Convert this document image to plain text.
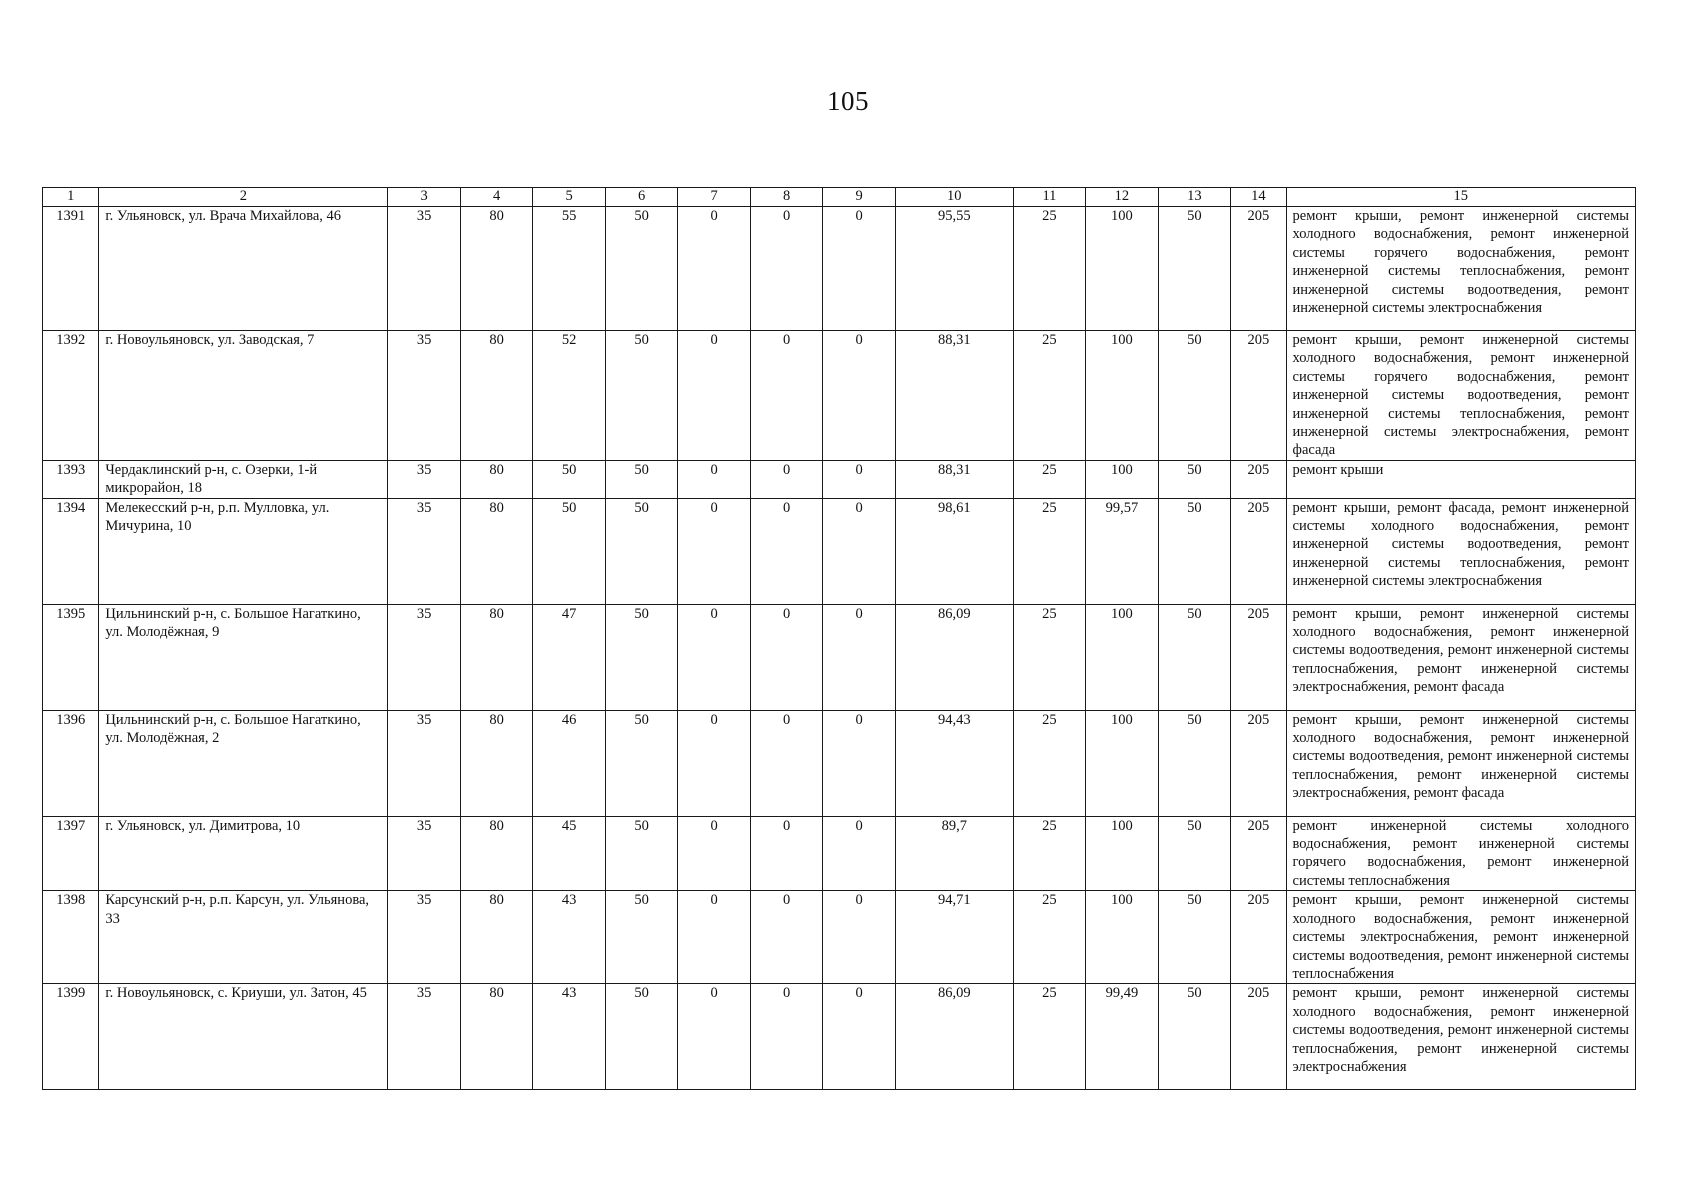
105
1	2	3	4	5	6	7	8	9	10	11	12	13	14	15
1391	г. Ульяновск, ул. Врача Михайлова, 46	35	80	55	50	0	0	0	95,55	25	100	50	205	ремонт крыши, ремонт инженерной системы холодного водоснабжения, ремонт инженерной системы горячего водоснабжения, ремонт инженерной системы теплоснабжения, ремонт инженерной системы водоотведения, ремонт инженерной системы электроснабжения
1392	г. Новоульяновск, ул. Заводская, 7	35	80	52	50	0	0	0	88,31	25	100	50	205	ремонт крыши, ремонт инженерной системы холодного водоснабжения, ремонт инженерной системы горячего водоснабжения, ремонт инженерной системы водоотведения, ремонт инженерной системы теплоснабжения, ремонт инженерной системы электроснабжения, ремонт фасада
1393	Чердаклинский р-н, с. Озерки, 1-й микрорайон, 18	35	80	50	50	0	0	0	88,31	25	100	50	205	ремонт крыши
1394	Мелекесский р-н, р.п. Мулловка, ул. Мичурина, 10	35	80	50	50	0	0	0	98,61	25	99,57	50	205	ремонт крыши, ремонт фасада, ремонт инженерной системы холодного водоснабжения, ремонт инженерной системы водоотведения, ремонт инженерной системы теплоснабжения, ремонт инженерной системы электроснабжения
1395	Цильнинский р-н, с. Большое Нагаткино, ул. Молодёжная, 9	35	80	47	50	0	0	0	86,09	25	100	50	205	ремонт крыши, ремонт инженерной системы холодного водоснабжения, ремонт инженерной системы водоотведения, ремонт инженерной системы теплоснабжения, ремонт инженерной системы электроснабжения, ремонт фасада
1396	Цильнинский р-н, с. Большое Нагаткино, ул. Молодёжная, 2	35	80	46	50	0	0	0	94,43	25	100	50	205	ремонт крыши, ремонт инженерной системы холодного водоснабжения, ремонт инженерной системы водоотведения, ремонт инженерной системы теплоснабжения, ремонт инженерной системы электроснабжения, ремонт фасада
1397	г. Ульяновск, ул. Димитрова, 10	35	80	45	50	0	0	0	89,7	25	100	50	205	ремонт инженерной системы холодного водоснабжения, ремонт инженерной системы горячего водоснабжения, ремонт инженерной системы теплоснабжения
1398	Карсунский р-н, р.п. Карсун, ул. Ульянова, 33	35	80	43	50	0	0	0	94,71	25	100	50	205	ремонт крыши, ремонт инженерной системы холодного водоснабжения, ремонт инженерной системы электроснабжения, ремонт инженерной системы водоотведения, ремонт инженерной системы теплоснабжения
1399	г. Новоульяновск, с. Криуши, ул. Затон, 45	35	80	43	50	0	0	0	86,09	25	99,49	50	205	ремонт крыши, ремонт инженерной системы холодного водоснабжения, ремонт инженерной системы водоотведения, ремонт инженерной системы теплоснабжения, ремонт инженерной системы электроснабжения
